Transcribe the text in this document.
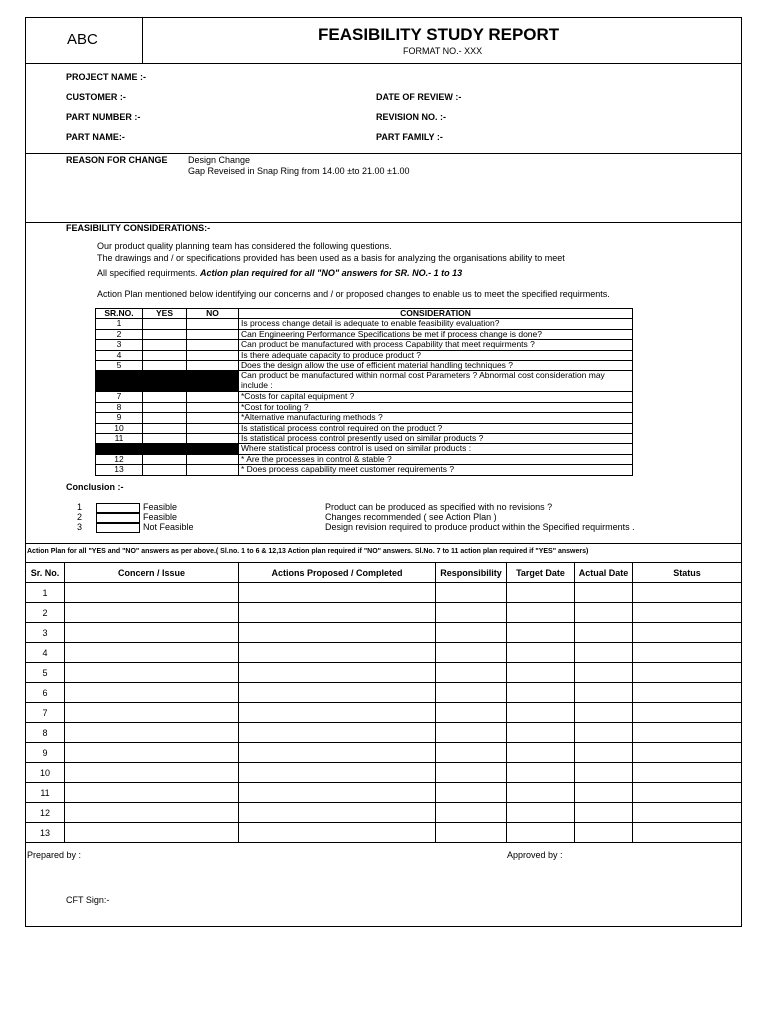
ABC	FEASIBILITY STUDY REPORT
FORMAT NO.- XXX
PROJECT NAME :-
CUSTOMER :-	DATE OF REVIEW :-
PART NUMBER :-	REVISION NO. :-
PART NAME:-	PART FAMILY :-
REASON FOR CHANGE Design Change
Gap Reveised in Snap Ring from 14.00 ±to 21.00 ±1.00
FEASIBILITY CONSIDERATIONS:-
Our product quality planning team has considered the following questions.
The drawings and / or specifications provided has been used as a basis for analyzing the organisations ability to meet
All specified requirments. Action plan required for all "NO" answers for SR. NO.- 1 to 13
Action Plan mentioned below identifying our concerns and / or proposed changes to enable us to meet the specified requirments.
SR.NO.	YES	NO	CONSIDERATION
1			Is process change detail is adequate to enable feasibility evaluation?
2			Can Engineering Performance Specifications be met if process change is done?
3			Can product be manufactured with process Capability that meet requirments ?
4			Is there adequate capacity to produce product ?
5			Does the design allow the use of efficient material handling techniques ?
			Can product be manufactured within normal cost Parameters ? Abnormal cost consideration may include :
7			*Costs for capital equipment ?
8			*Cost for tooling ?
9			*Alternative manufacturing methods ?
10			Is statistical process control required on the product ?
11			Is statistical process control presently used on similar products ?
			Where statistical process control is used on similar products :
12			* Are the processes in control & stable ?
13			* Does process capability meet customer requirements ?
Conclusion :-
1	Feasible	Product can be produced as specified with no revisions ?
2	Feasible	Changes recommended ( see Action Plan )
3	Not Feasible	Design revision required to produce product within the Specified requirments .
Action Plan for all "YES and "NO" answers as per above.( Sl.no. 1 to 6 & 12,13 Action plan required if "NO" answers. Sl.No. 7 to 11 action plan required if "YES" answers)
Sr. No.	Concern / Issue	Actions Proposed / Completed	Responsibility	Target Date	Actual Date	Status
1						
2						
3						
4						
5						
6						
7						
8						
9						
10						
11						
12						
13						
Prepared by :	Approved by :
CFT Sign:-
